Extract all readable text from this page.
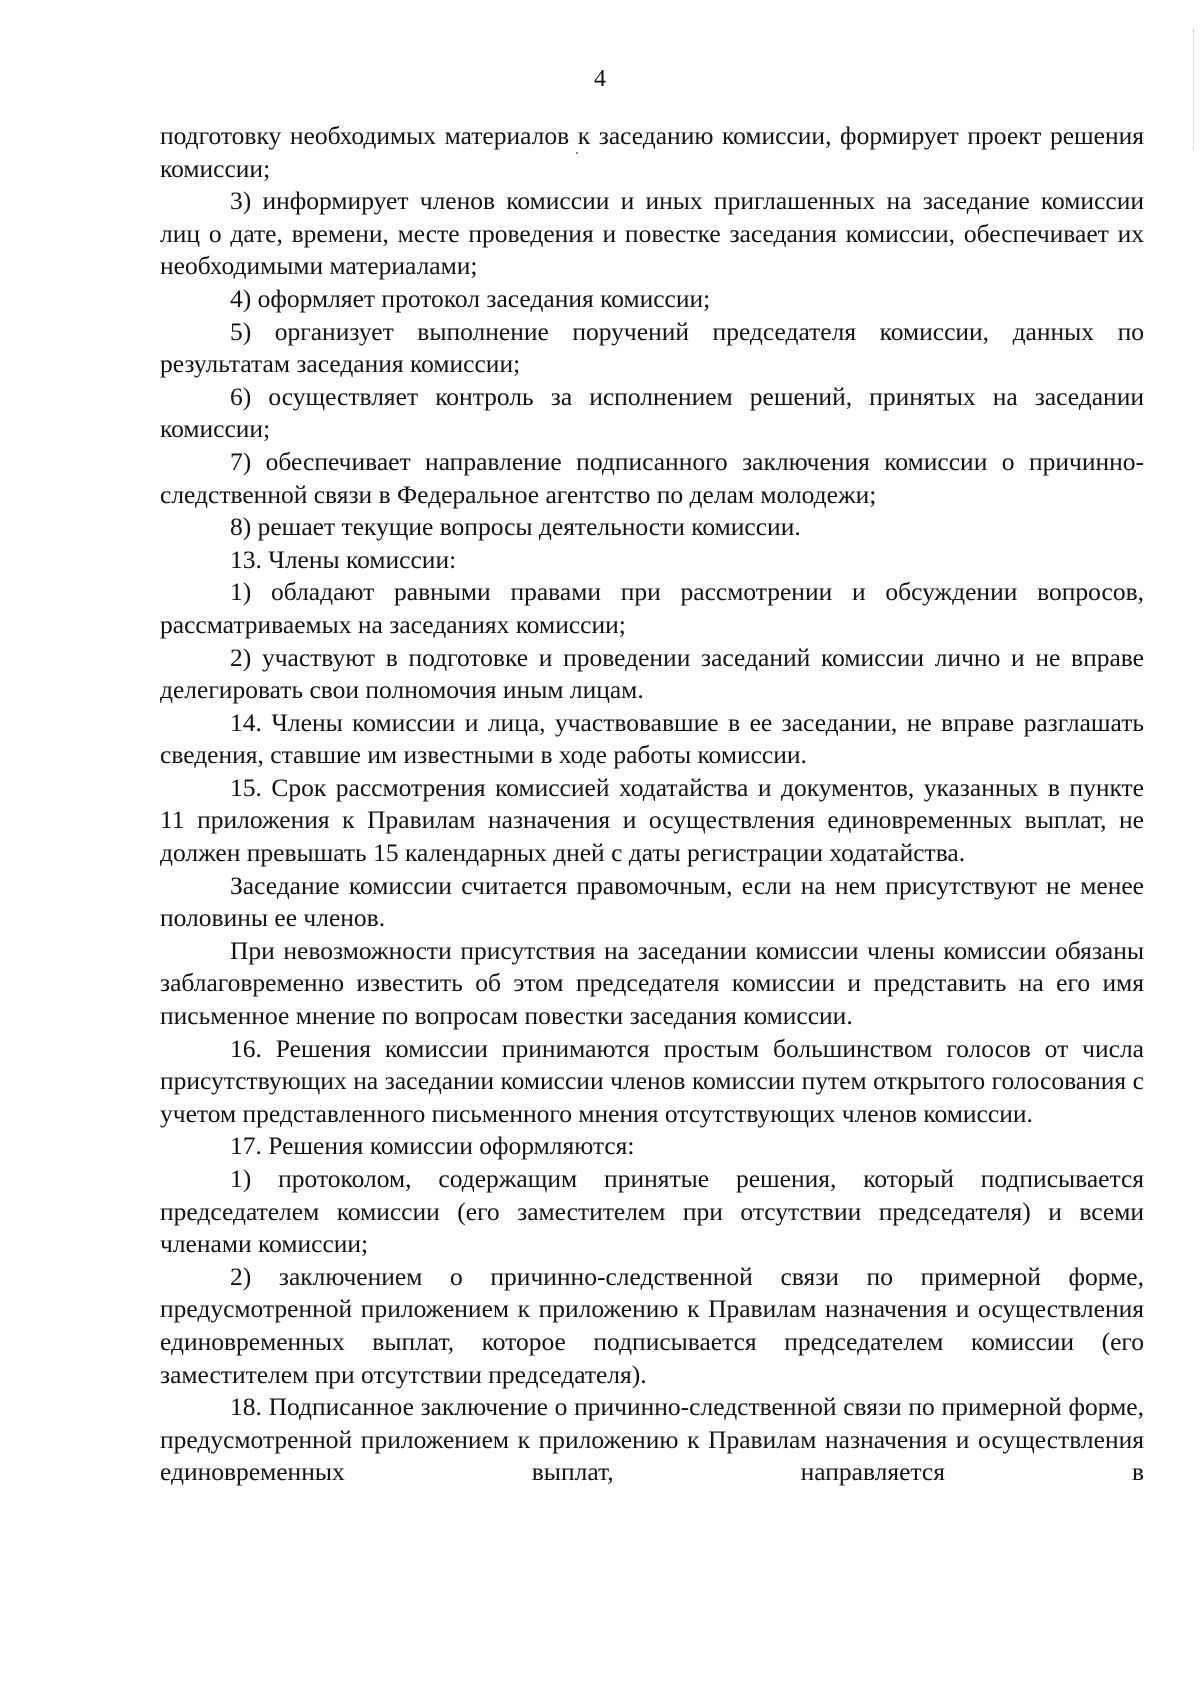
4

подготовку необходимых материалов к заседанию комиссии, формирует проект решения комиссии;

3) информирует членов комиссии и иных приглашенных на заседание комиссии лиц о дате, времени, месте проведения и повестке заседания комиссии, обеспечивает их необходимыми материалами;

4) оформляет протокол заседания комиссии;

5) организует выполнение поручений председателя комиссии, данных по результатам заседания комиссии;

6) осуществляет контроль за исполнением решений, принятых на заседании комиссии;

7) обеспечивает направление подписанного заключения комиссии о причинно-следственной связи в Федеральное агентство по делам молодежи;

8) решает текущие вопросы деятельности комиссии.

13. Члены комиссии:

1) обладают равными правами при рассмотрении и обсуждении вопросов, рассматриваемых на заседаниях комиссии;

2) участвуют в подготовке и проведении заседаний комиссии лично и не вправе делегировать свои полномочия иным лицам.

14. Члены комиссии и лица, участвовавшие в ее заседании, не вправе разглашать сведения, ставшие им известными в ходе работы комиссии.

15. Срок рассмотрения комиссией ходатайства и документов, указанных в пункте 11 приложения к Правилам назначения и осуществления единовременных выплат, не должен превышать 15 календарных дней с даты регистрации ходатайства.

Заседание комиссии считается правомочным, если на нем присутствуют не менее половины ее членов.

При невозможности присутствия на заседании комиссии члены комиссии обязаны заблаговременно известить об этом председателя комиссии и представить на его имя письменное мнение по вопросам повестки заседания комиссии.

16. Решения комиссии принимаются простым большинством голосов от числа присутствующих на заседании комиссии членов комиссии путем открытого голосования с учетом представленного письменного мнения отсутствующих членов комиссии.

17. Решения комиссии оформляются:

1) протоколом, содержащим принятые решения, который подписывается председателем комиссии (его заместителем при отсутствии председателя) и всеми членами комиссии;

2) заключением о причинно-следственной связи по примерной форме, предусмотренной приложением к приложению к Правилам назначения и осуществления единовременных выплат, которое подписывается председателем комиссии (его заместителем при отсутствии председателя).

18. Подписанное заключение о причинно-следственной связи по примерной форме, предусмотренной приложением к приложению к Правилам назначения и осуществления единовременных выплат, направляется в
